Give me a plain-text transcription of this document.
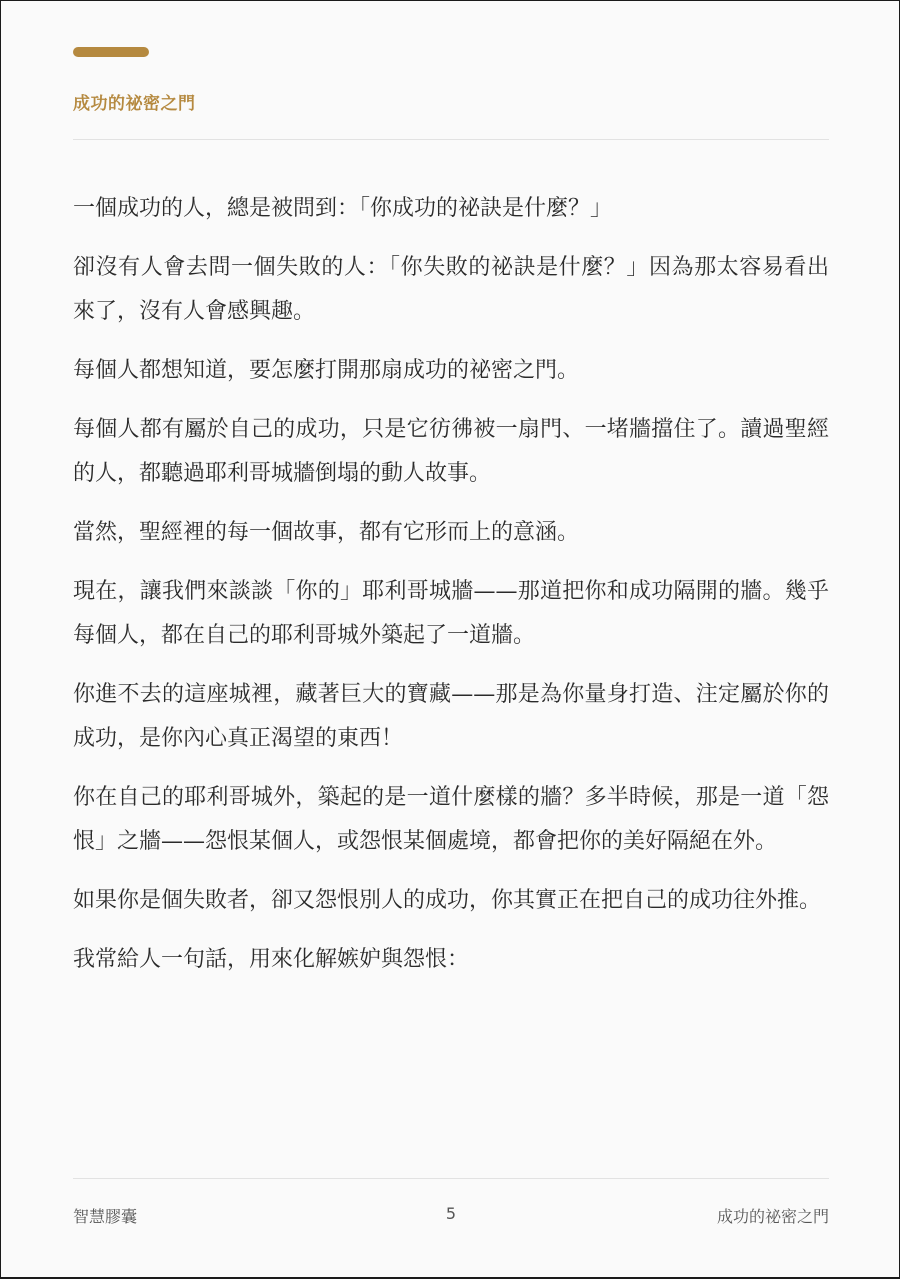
成功的祕密之門

一個成功的人，總是被問到：「你成功的祕訣是什麼？」

卻沒有人會去問一個失敗的人：「你失敗的祕訣是什麼？」因為那太容易看出來了，沒有人會感興趣。

每個人都想知道，要怎麼打開那扇成功的祕密之門。

每個人都有屬於自己的成功，只是它彷彿被一扇門、一堵牆擋住了。讀過聖經的人，都聽過耶利哥城牆倒塌的動人故事。

當然，聖經裡的每一個故事，都有它形而上的意涵。

現在，讓我們來談談「你的」耶利哥城牆——那道把你和成功隔開的牆。幾乎每個人，都在自己的耶利哥城外築起了一道牆。

你進不去的這座城裡，藏著巨大的寶藏——那是為你量身打造、注定屬於你的成功，是你內心真正渴望的東西！

你在自己的耶利哥城外，築起的是一道什麼樣的牆？多半時候，那是一道「怨恨」之牆——怨恨某個人，或怨恨某個處境，都會把你的美好隔絕在外。

如果你是個失敗者，卻又怨恨別人的成功，你其實正在把自己的成功往外推。

我常給人一句話，用來化解嫉妒與怨恨：

智慧膠囊	5	成功的祕密之門
